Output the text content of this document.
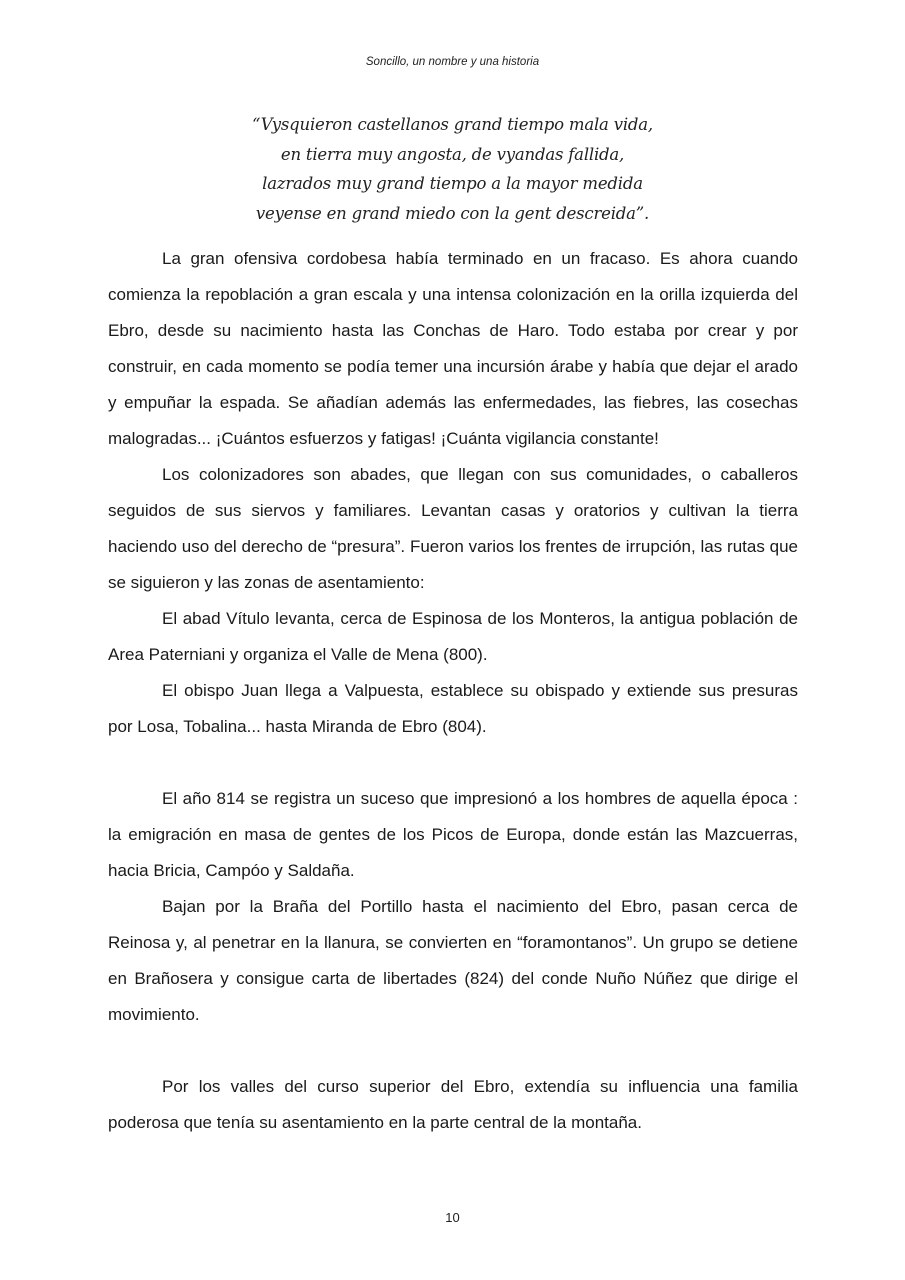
Soncillo, un nombre y una historia
“Vysquieron castellanos grand tiempo mala vida,
en tierra muy angosta, de vyandas fallida,
lazrados muy grand tiempo a la mayor medida
veyense en grand miedo con la gent descreida”.

La gran ofensiva cordobesa había terminado en un fracaso. Es ahora cuando comienza la repoblación a gran escala y una intensa colonización en la orilla izquierda del Ebro, desde su nacimiento hasta las Conchas de Haro. Todo estaba por crear y por construir, en cada momento se podía temer una incursión árabe y había que dejar el arado y empuñar la espada. Se añadían además las enfermedades, las fiebres, las cosechas malogradas... ¡Cuántos esfuerzos y fatigas! ¡Cuánta vigilancia constante!

Los colonizadores son abades, que llegan con sus comunidades, o caballeros seguidos de sus siervos y familiares. Levantan casas y oratorios y cultivan la tierra haciendo uso del derecho de “presura”. Fueron varios los frentes de irrupción, las rutas que se siguieron y las zonas de asentamiento:

El abad Vítulo levanta, cerca de Espinosa de los Monteros, la antigua población de Area Paterniani y organiza el Valle de Mena (800).

El obispo Juan llega a Valpuesta, establece su obispado y extiende sus presuras por Losa, Tobalina... hasta Miranda de Ebro (804).

El año 814 se registra un suceso que impresionó a los hombres de aquella época : la emigración en masa de gentes de los Picos de Europa, donde están las Mazcuerras, hacia Bricia, Campóo y Saldaña.

Bajan por la Braña del Portillo hasta el nacimiento del Ebro, pasan cerca de Reinosa y, al penetrar en la llanura, se convierten en “foramontanos”. Un grupo se detiene en Brañosera y consigue carta de libertades (824) del conde Nuño Núñez que dirige el movimiento.

Por los valles del curso superior del Ebro, extendía su influencia una familia poderosa que tenía su asentamiento en la parte central de la montaña.

10
